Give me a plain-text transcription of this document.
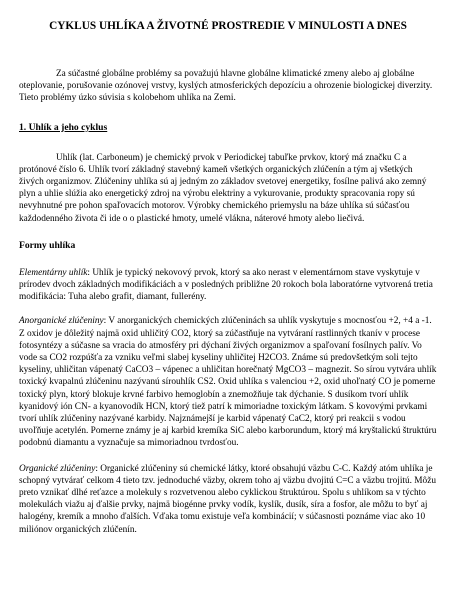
CYKLUS UHLÍKA A ŽIVOTNÉ PROSTREDIE V MINULOSTI A DNES

Za súčastné globálne problémy sa považujú hlavne globálne klimatické zmeny alebo aj globálne oteplovanie, porušovanie ozónovej vrstvy, kyslých atmosferických depozíciu a ohrozenie biologickej diverzity. Tieto problémy úzko súvisia s kolobehom uhlíka na Zemi.

1. Uhlík a jeho cyklus

Uhlík (lat. Carboneum) je chemický prvok v Periodickej tabuľke prvkov, ktorý má značku C a protónové číslo 6. Uhlík tvorí základný stavebný kameň všetkých organických zlúčenín a tým aj všetkých živých organizmov. Zlúčeniny uhlíka sú aj jedným zo základov svetovej energetiky, fosílne palivá ako zemný plyn a uhlie slúžia ako energetický zdroj na výrobu elektriny a vykurovanie, produkty spracovania ropy sú nevyhnutné pre pohon spaľovacích motorov. Výrobky chemického priemyslu na báze uhlíka sú súčasťou každodenného života či ide o o plastické hmoty, umelé vlákna, náterové hmoty alebo liečivá.

Formy uhlíka

Elementárny uhlík: Uhlík je typický nekovový prvok, ktorý sa ako nerast v elementárnom stave vyskytuje v prírodev dvoch základných modifikáciách a v posledných približne 20 rokoch bola laboratórne vytvorená tretia modifikácia: Tuha alebo grafit, diamant, fullerény.

Anorganické zlúčeniny: V anorganických chemických zlúčeninách sa uhlík vyskytuje s mocnosťou +2, +4 a -1. Z oxidov je dôležitý najmä oxid uhličitý CO2, ktorý sa zúčastňuje na vytváraní rastlinných tkanív v procese fotosyntézy a súčasne sa vracia do atmosféry pri dýchaní živých organizmov a spaľovaní fosílnych palív. Vo vode sa CO2 rozpúšťa za vzniku veľmi slabej kyseliny uhličitej H2CO3. Známe sú predovšetkým soli tejto kyseliny, uhličitan vápenatý CaCO3 – vápenec a uhličitan horečnatý MgCO3 – magnezit. So sírou vytvára uhlík toxický kvapalnú zlúčeninu nazývanú sírouhlík CS2. Oxid uhlíka s valenciou +2, oxid uhoľnatý CO je pomerne toxický plyn, ktorý blokuje krvné farbivo hemoglobín a znemožňuje tak dýchanie. S dusíkom tvorí uhlík kyanidový ión CN- a kyanovodík HCN, ktorý tiež patrí k mimoriadne toxickým látkam. S kovovými prvkami tvorí uhlík zlúčeniny nazývané karbidy. Najznámejší je karbid vápenatý CaC2, ktorý pri reakcii s vodou uvoľňuje acetylén. Pomerne známy je aj karbid kremíka SiC alebo karborundum, ktorý má kryštalickú štruktúru podobnú diamantu a vyznačuje sa mimoriadnou tvrdosťou.

Organické zlúčeniny: Organické zlúčeniny sú chemické látky, ktoré obsahujú väzbu C-C. Každý atóm uhlíka je schopný vytvárať celkom 4 tieto tzv. jednoduché väzby, okrem toho aj väzbu dvojitú C=C a väzbu trojitú. Môžu preto vznikať dlhé reťazce a molekuly s rozvetvenou alebo cyklickou štruktúrou. Spolu s uhlíkom sa v týchto molekulách viažu aj ďalšie prvky, najmä biogénne prvky vodík, kyslík, dusík, síra a fosfor, ale môžu to byť aj halogény, kremík a mnoho ďalších. Vďaka tomu existuje veľa kombinácií; v súčasnosti poznáme viac ako 10 miliónov organických zlúčenín.
